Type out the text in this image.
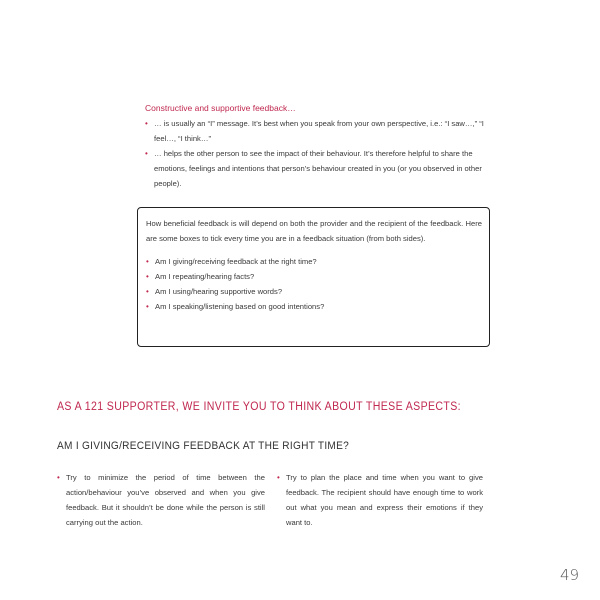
Constructive and supportive feedback…
• … is usually an “I” message. It’s best when you speak from your own perspective, i.e.: “I saw…,” “I feel…, “I think…”
• … helps the other person to see the impact of their behaviour. It’s therefore helpful to share the emotions, feelings and intentions that person’s behaviour created in you (or you observed in other people).

How beneficial feedback is will depend on both the provider and the recipient of the feedback. Here are some boxes to tick every time you are in a feedback situation (from both sides).

• Am I giving/receiving feedback at the right time?
• Am I repeating/hearing facts?
• Am I using/hearing supportive words?
• Am I speaking/listening based on good intentions?
AS A 121 SUPPORTER, WE INVITE YOU TO THINK ABOUT THESE ASPECTS:
AM I GIVING/RECEIVING FEEDBACK AT THE RIGHT TIME?
• Try to minimize the period of time between the action/behaviour you’ve observed and when you give feedback. But it shouldn’t be done while the person is still carrying out the action.
• Try to plan the place and time when you want to give feedback. The recipient should have enough time to work out what you mean and express their emotions if they want to.
49
